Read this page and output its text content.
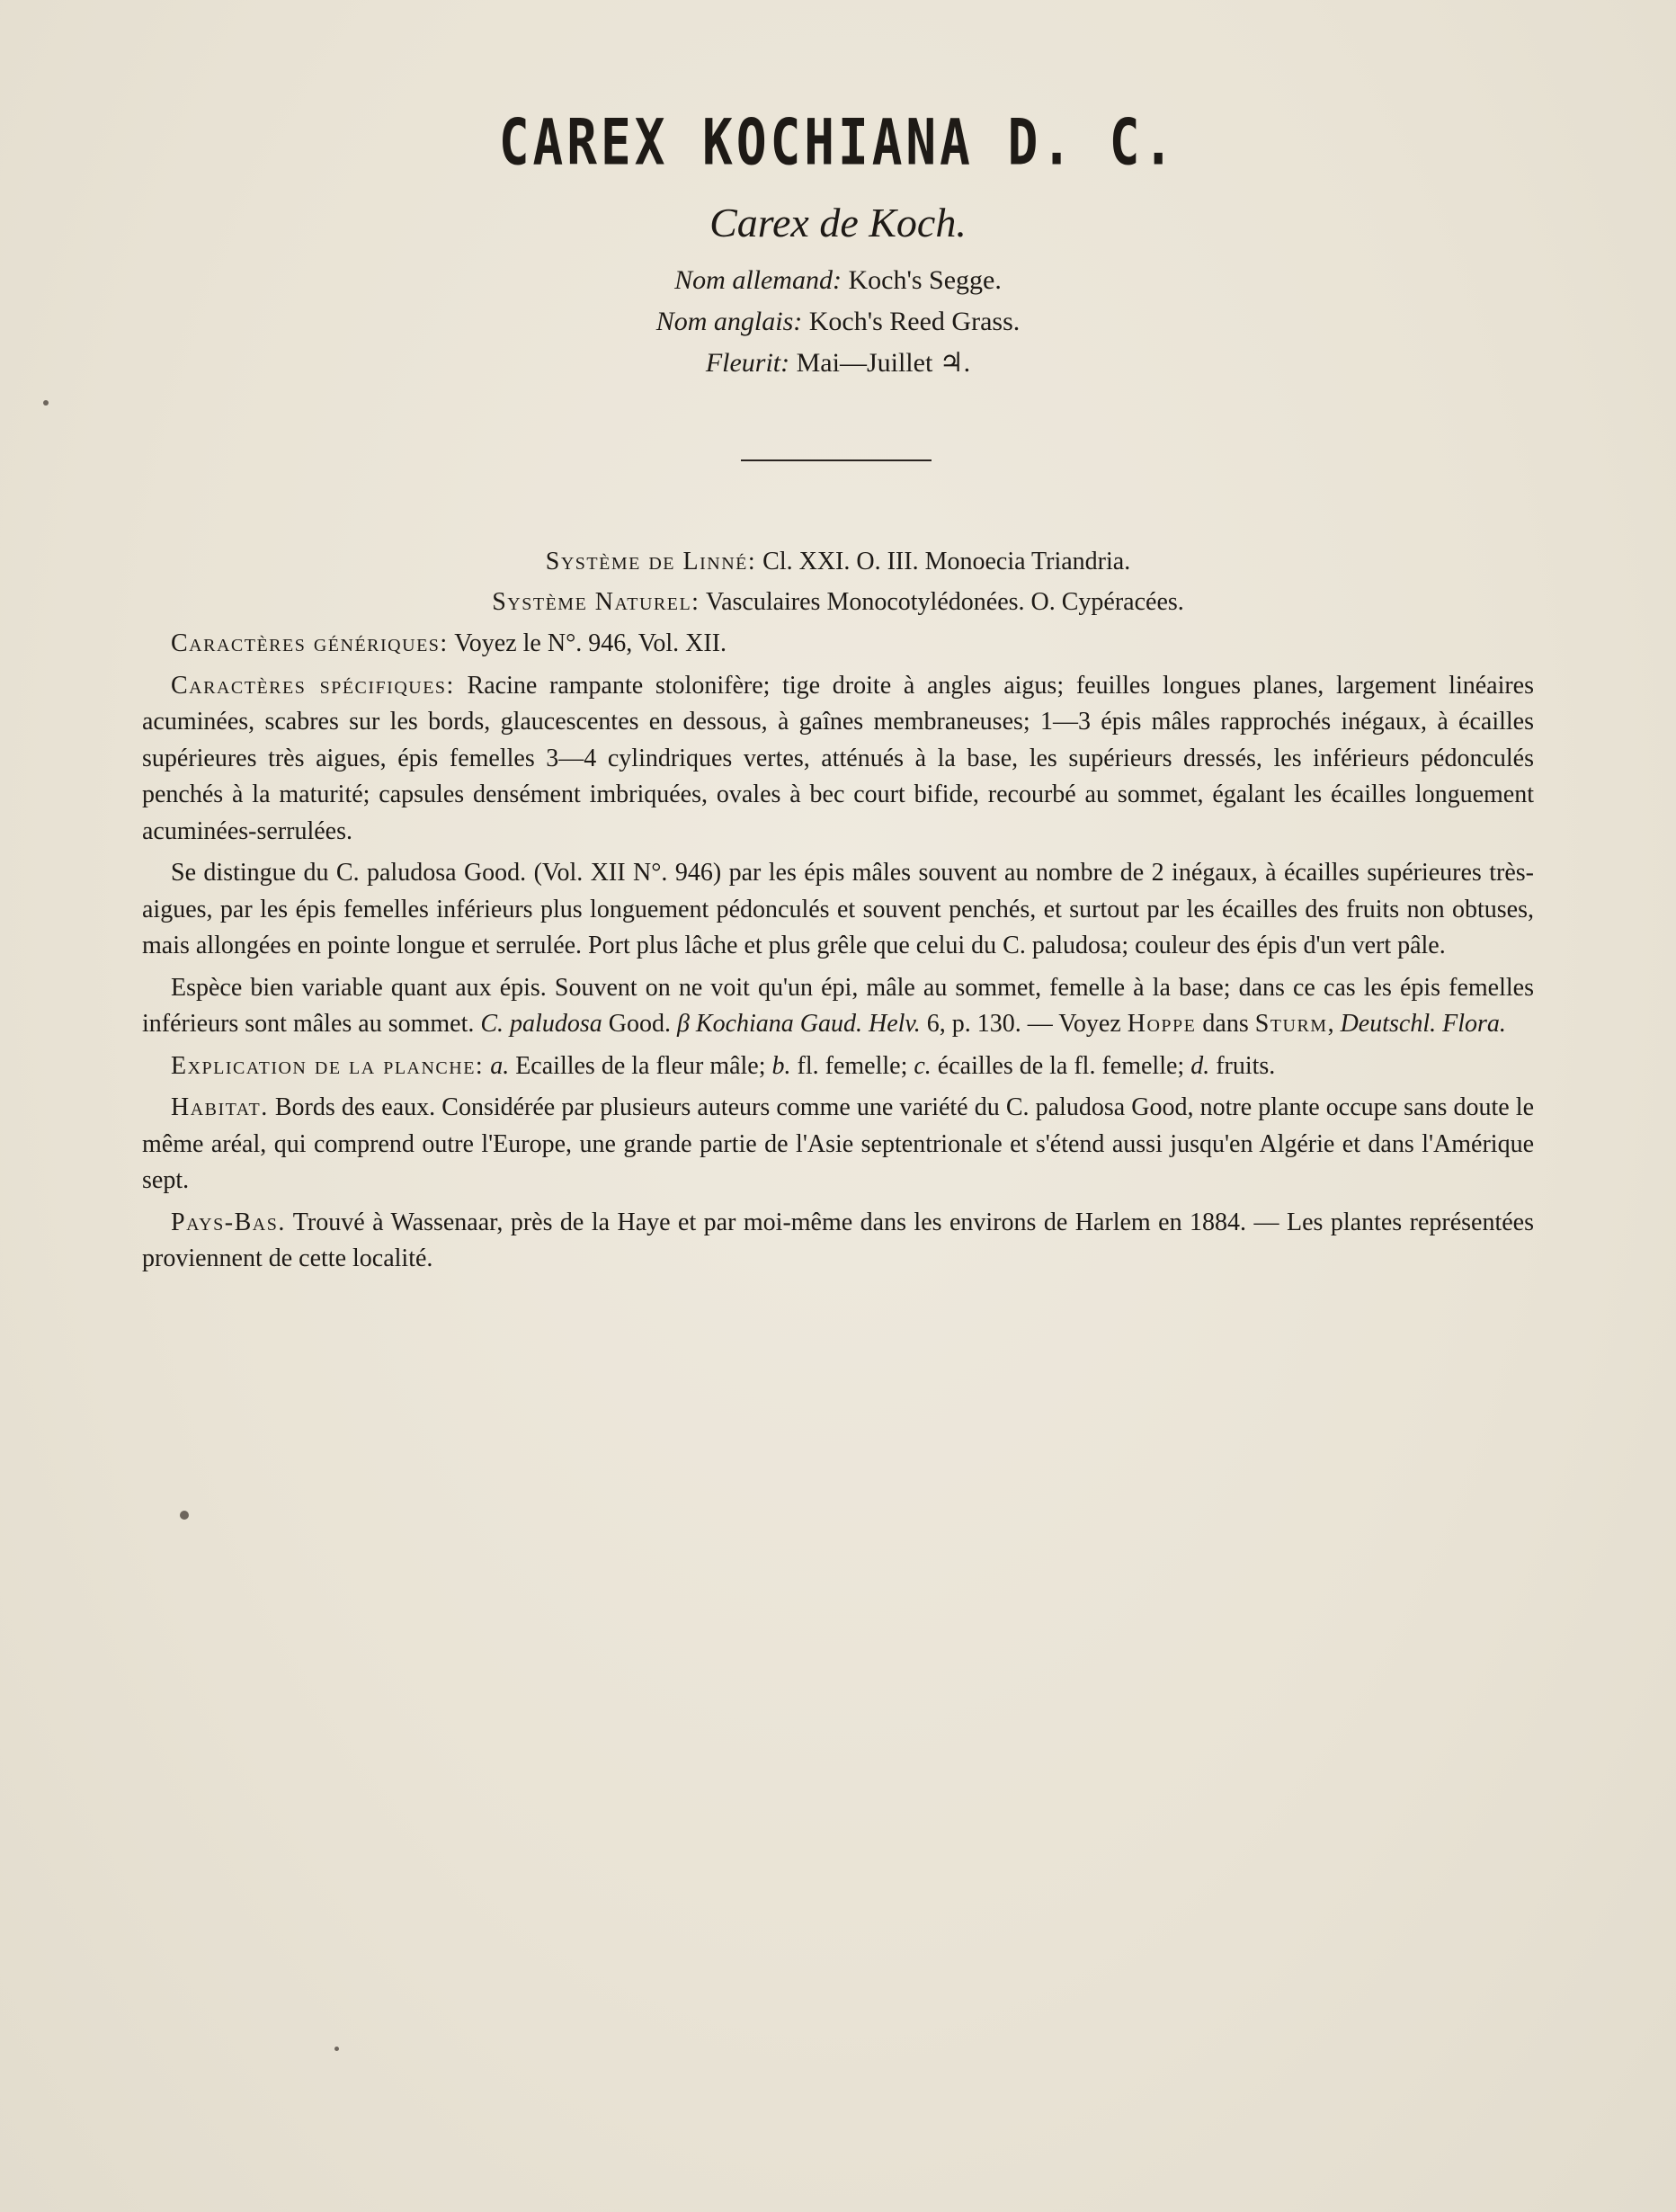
CAREX KOCHIANA D. C.
Carex de Koch.
Nom allemand: Koch's Segge.
Nom anglais: Koch's Reed Grass.
Fleurit: Mai—Juillet ♃.

Système de Linné: Cl. XXI. O. III. Monoecia Triandria.

Système Naturel: Vasculaires Monocotylédonées. O. Cypéracées.

Caractères génériques: Voyez le N°. 946, Vol. XII.

Caractères spécifiques: Racine rampante stolonifère; tige droite à angles aigus; feuilles longues planes, largement linéaires acuminées, scabres sur les bords, glaucescentes en dessous, à gaînes membraneuses; 1—3 épis mâles rapprochés inégaux, à écailles supérieures très aigues, épis femelles 3—4 cylindriques vertes, atténués à la base, les supérieurs dressés, les inférieurs pédonculés penchés à la maturité; capsules densément imbriquées, ovales à bec court bifide, recourbé au sommet, égalant les écailles longuement acuminées-serrulées.

Se distingue du C. paludosa Good. (Vol. XII N°. 946) par les épis mâles souvent au nombre de 2 inégaux, à écailles supérieures très-aigues, par les épis femelles inférieurs plus longuement pédonculés et souvent penchés, et surtout par les écailles des fruits non obtuses, mais allongées en pointe longue et serrulée. Port plus lâche et plus grêle que celui du C. paludosa; couleur des épis d'un vert pâle.

Espèce bien variable quant aux épis. Souvent on ne voit qu'un épi, mâle au sommet, femelle à la base; dans ce cas les épis femelles inférieurs sont mâles au sommet. C. paludosa Good. β Kochiana Gaud. Helv. 6, p. 130. — Voyez Hoppe dans Sturm, Deutschl. Flora.

Explication de la planche: a. Ecailles de la fleur mâle; b. fl. femelle; c. écailles de la fl. femelle; d. fruits.

Habitat. Bords des eaux. Considérée par plusieurs auteurs comme une variété du C. paludosa Good, notre plante occupe sans doute le même aréal, qui comprend outre l'Europe, une grande partie de l'Asie septentrionale et s'étend aussi jusqu'en Algérie et dans l'Amérique sept.

Pays-Bas. Trouvé à Wassenaar, près de la Haye et par moi-même dans les environs de Harlem en 1884. — Les plantes représentées proviennent de cette localité.
